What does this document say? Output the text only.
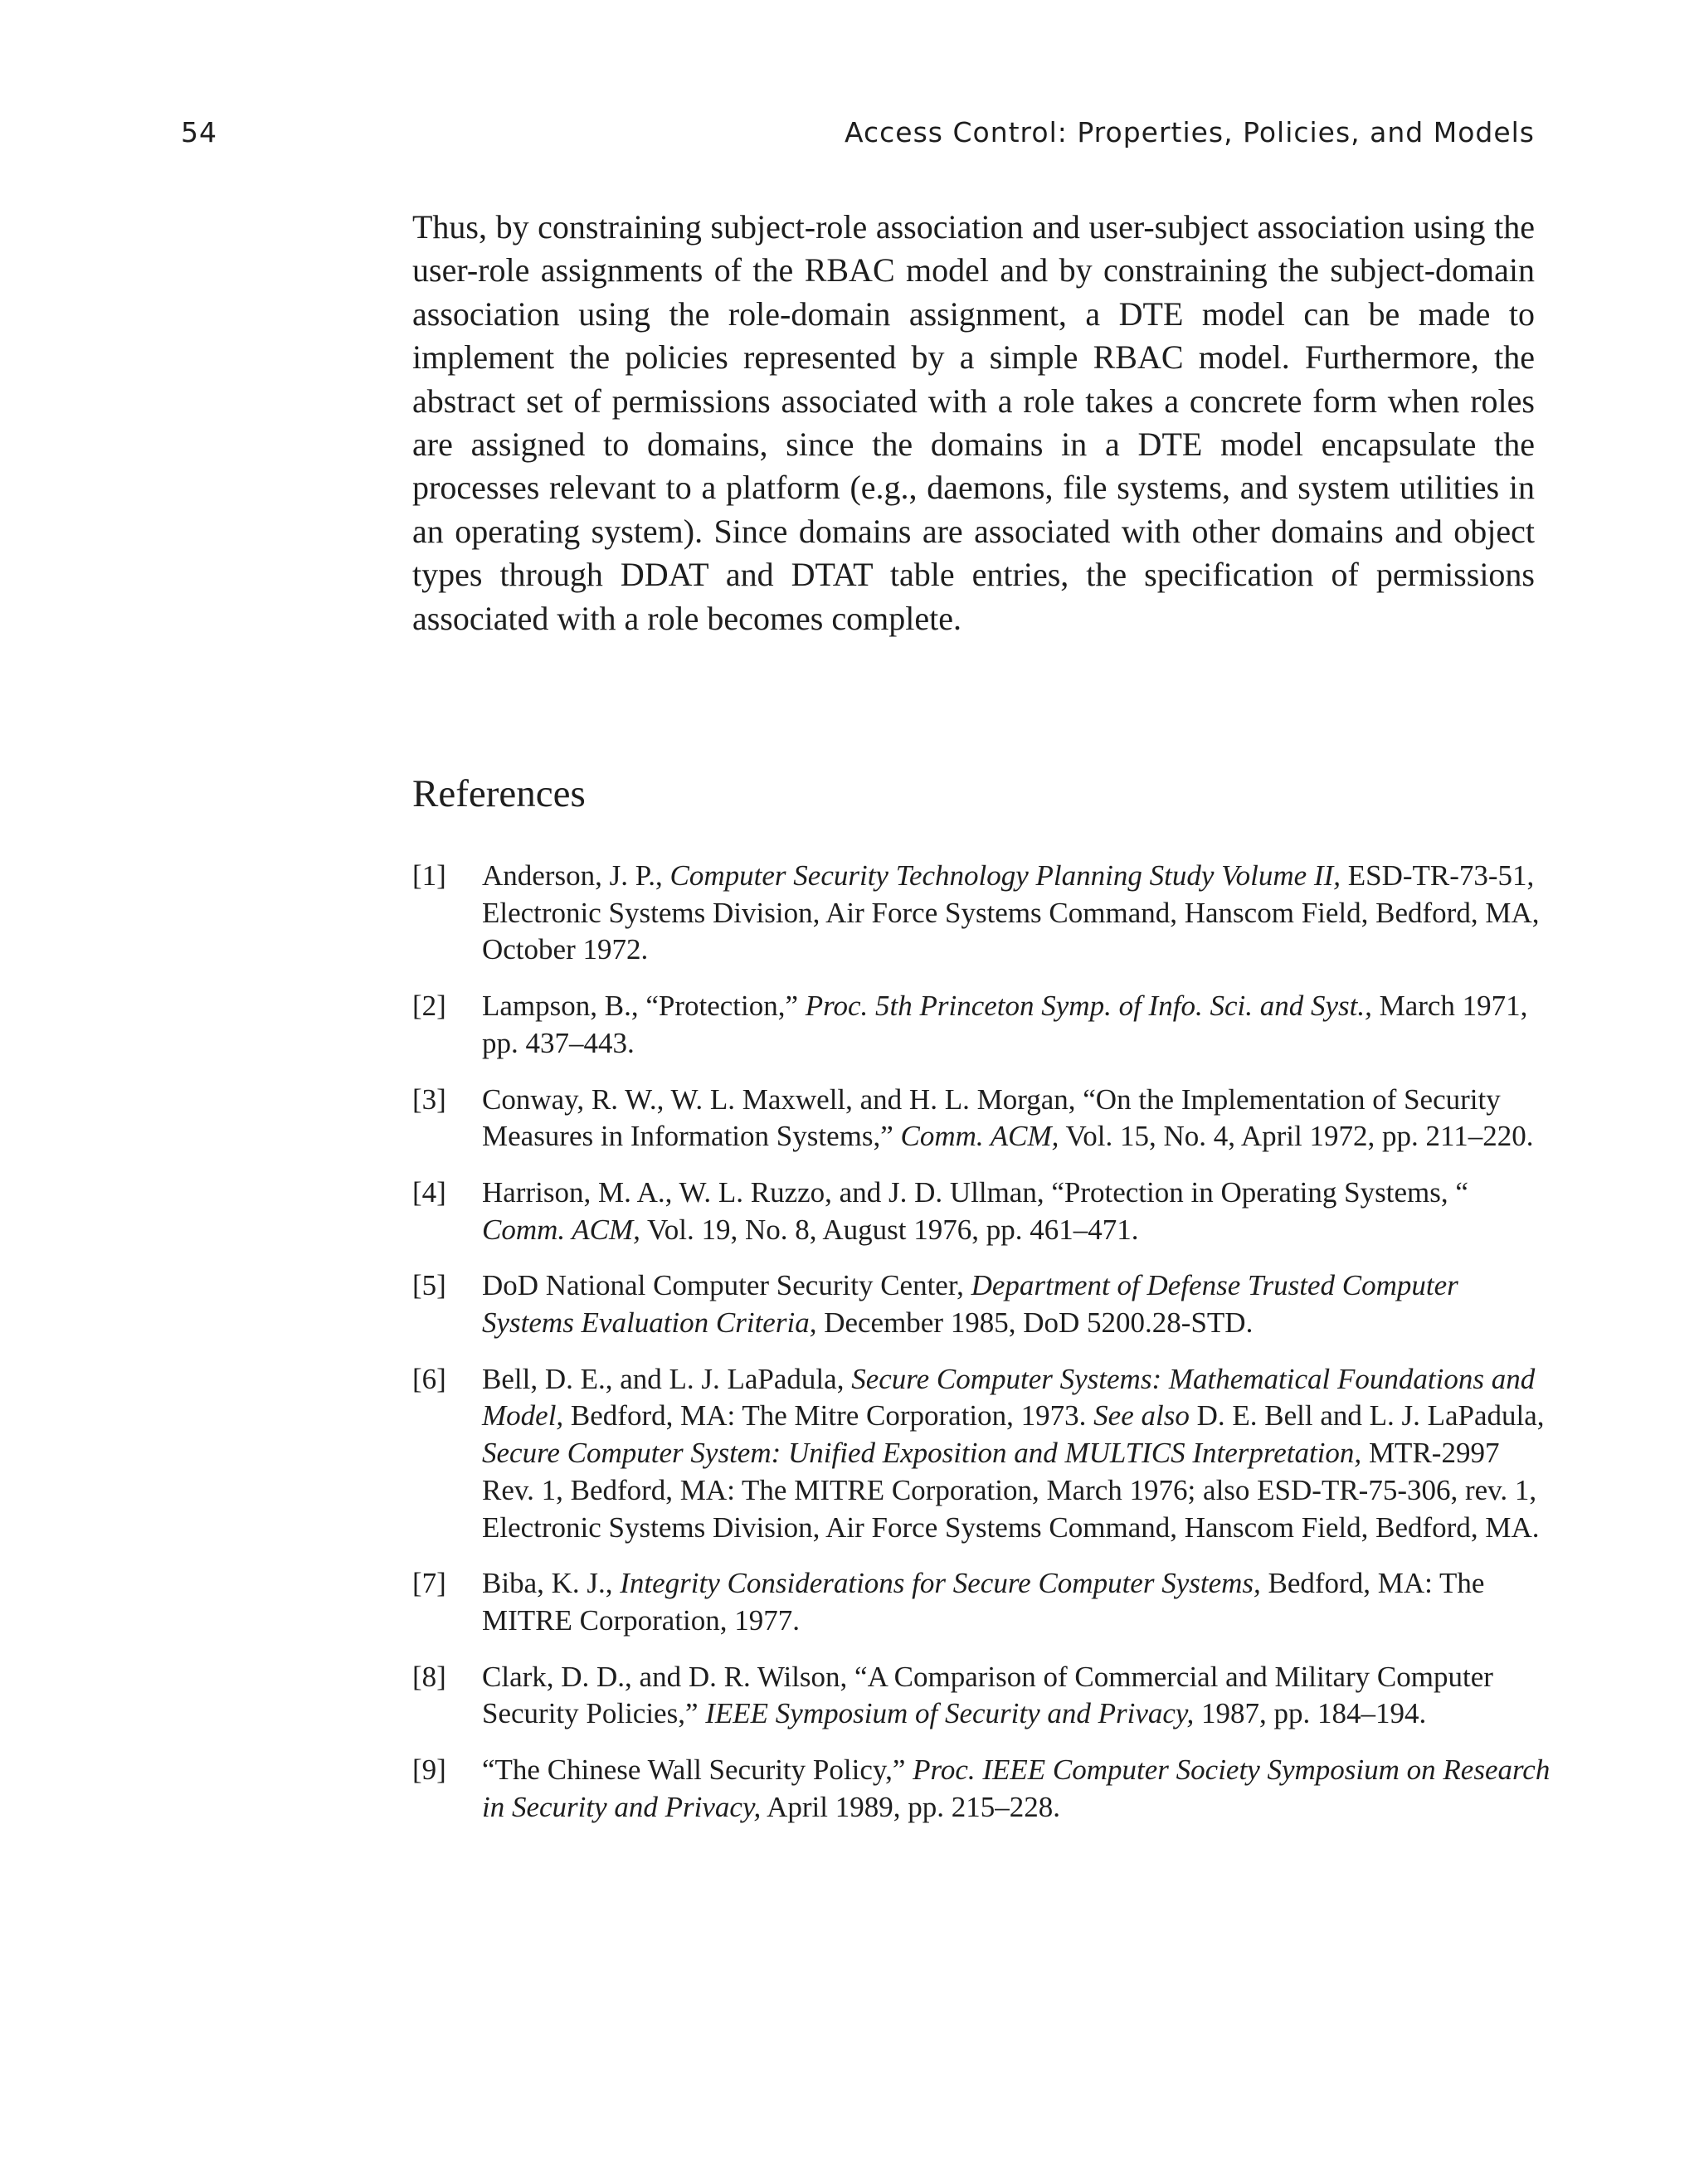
54	Access Control: Properties, Policies, and Models

Thus, by constraining subject-role association and user-subject association using the user-role assignments of the RBAC model and by constraining the subject-domain association using the role-domain assignment, a DTE model can be made to implement the policies represented by a simple RBAC model. Furthermore, the abstract set of permissions associated with a role takes a concrete form when roles are assigned to domains, since the domains in a DTE model encapsulate the processes relevant to a platform (e.g., daemons, file systems, and system utilities in an operating system). Since domains are associated with other domains and object types through DDAT and DTAT table entries, the specification of permissions associated with a role becomes complete.

References
[1]	Anderson, J. P., Computer Security Technology Planning Study Volume II, ESD-TR-73-51, Electronic Systems Division, Air Force Systems Command, Hanscom Field, Bedford, MA, October 1972.
[2]	Lampson, B., “Protection,” Proc. 5th Princeton Symp. of Info. Sci. and Syst., March 1971, pp. 437–443.
[3]	Conway, R. W., W. L. Maxwell, and H. L. Morgan, “On the Implementation of Security Measures in Information Systems,” Comm. ACM, Vol. 15, No. 4, April 1972, pp. 211–220.
[4]	Harrison, M. A., W. L. Ruzzo, and J. D. Ullman, “Protection in Operating Systems, “ Comm. ACM, Vol. 19, No. 8, August 1976, pp. 461–471.
[5]	DoD National Computer Security Center, Department of Defense Trusted Computer Systems Evaluation Criteria, December 1985, DoD 5200.28-STD.
[6]	Bell, D. E., and L. J. LaPadula, Secure Computer Systems: Mathematical Foundations and Model, Bedford, MA: The Mitre Corporation, 1973. See also D. E. Bell and L. J. LaPadula, Secure Computer System: Unified Exposition and MULTICS Interpretation, MTR-2997 Rev. 1, Bedford, MA: The MITRE Corporation, March 1976; also ESD-TR-75-306, rev. 1, Electronic Systems Division, Air Force Systems Command, Hanscom Field, Bedford, MA.
[7]	Biba, K. J., Integrity Considerations for Secure Computer Systems, Bedford, MA: The MITRE Corporation, 1977.
[8]	Clark, D. D., and D. R. Wilson, “A Comparison of Commercial and Military Computer Security Policies,” IEEE Symposium of Security and Privacy, 1987, pp. 184–194.
[9]	“The Chinese Wall Security Policy,” Proc. IEEE Computer Society Symposium on Research in Security and Privacy, April 1989, pp. 215–228.
